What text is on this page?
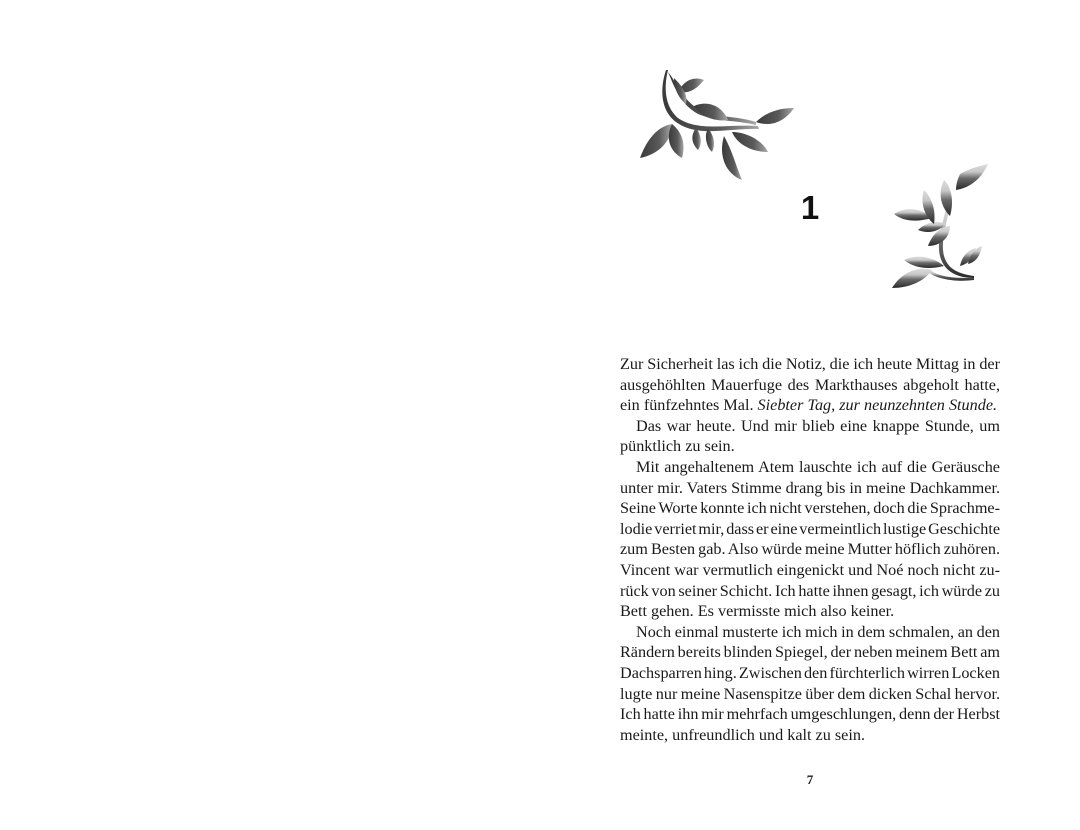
1
Zur Sicherheit las ich die Notiz, die ich heute Mittag in der
ausgehöhlten Mauerfuge des Markthauses abgeholt hatte,
ein fünfzehntes Mal. Siebter Tag, zur neunzehnten Stunde.
Das war heute. Und mir blieb eine knappe Stunde, um
pünktlich zu sein.
Mit angehaltenem Atem lauschte ich auf die Geräusche
unter mir. Vaters Stimme drang bis in meine Dachkammer.
Seine Worte konnte ich nicht verstehen, doch die Sprachme-
lodie verriet mir, dass er eine vermeintlich lustige Geschichte
zum Besten gab. Also würde meine Mutter höflich zuhören.
Vincent war vermutlich eingenickt und Noé noch nicht zu-
rück von seiner Schicht. Ich hatte ihnen gesagt, ich würde zu
Bett gehen. Es vermisste mich also keiner.
Noch einmal musterte ich mich in dem schmalen, an den
Rändern bereits blinden Spiegel, der neben meinem Bett am
Dachsparren hing. Zwischen den fürchterlich wirren Locken
lugte nur meine Nasenspitze über dem dicken Schal hervor.
Ich hatte ihn mir mehrfach umgeschlungen, denn der Herbst
meinte, unfreundlich und kalt zu sein.
7
